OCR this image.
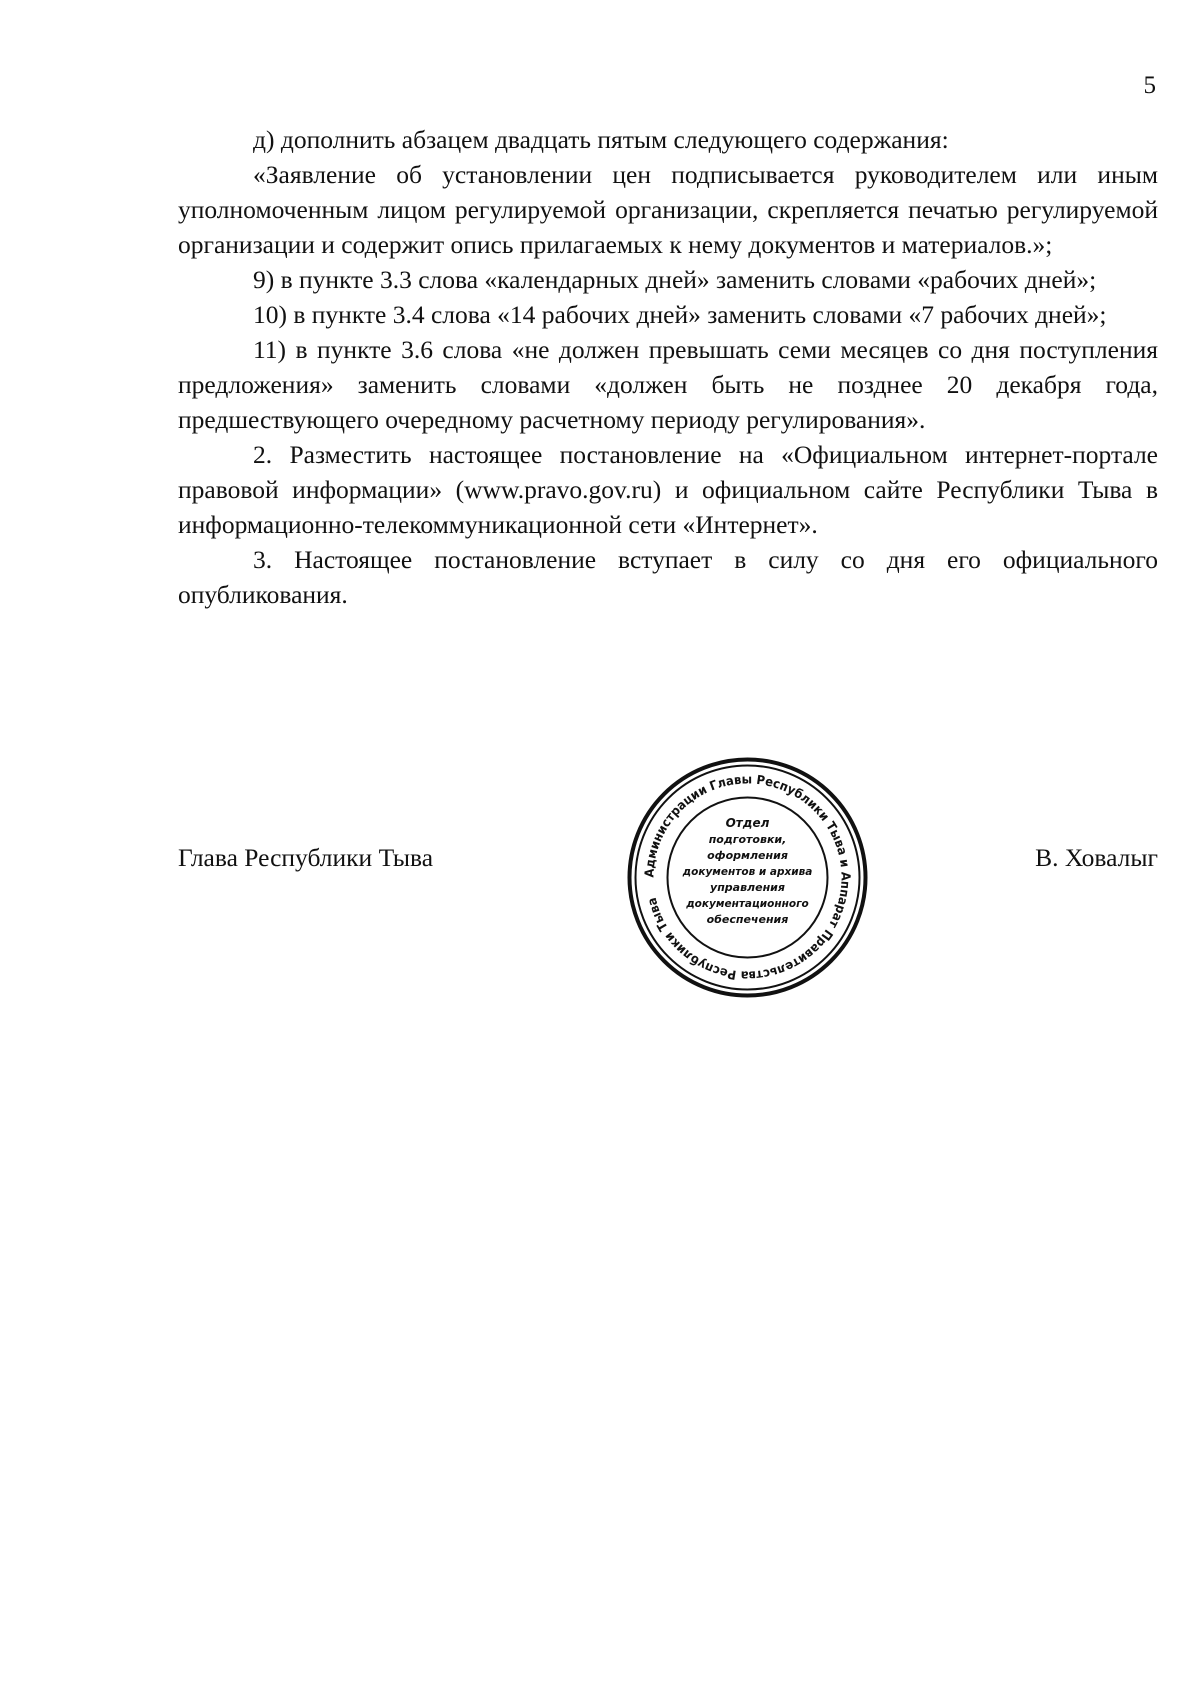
5

д) дополнить абзацем двадцать пятым следующего содержания:

«Заявление об установлении цен подписывается руководителем или иным уполномоченным лицом регулируемой организации, скрепляется печатью регулируемой организации и содержит опись прилагаемых к нему документов и материалов.»;

9) в пункте 3.3 слова «календарных дней» заменить словами «рабочих дней»;

10) в пункте 3.4 слова «14 рабочих дней» заменить словами «7 рабочих дней»;

11) в пункте 3.6 слова «не должен превышать семи месяцев со дня поступления предложения» заменить словами «должен быть не позднее 20 декабря года, предшествующего очередному расчетному периоду регулирования».

2. Разместить настоящее постановление на «Официальном интернет-портале правовой информации» (www.pravo.gov.ru) и официальном сайте Республики Тыва в информационно-телекоммуникационной сети «Интернет».

3. Настоящее постановление вступает в силу со дня его официального опубликования.

Глава Республики Тыва	В. Ховалыг
Администрации Главы Республики Тыва и Аппарат Правительства Республики Тыва
Отдел
подготовки,
оформления
документов и архива
управления
документационного
обеспечения
